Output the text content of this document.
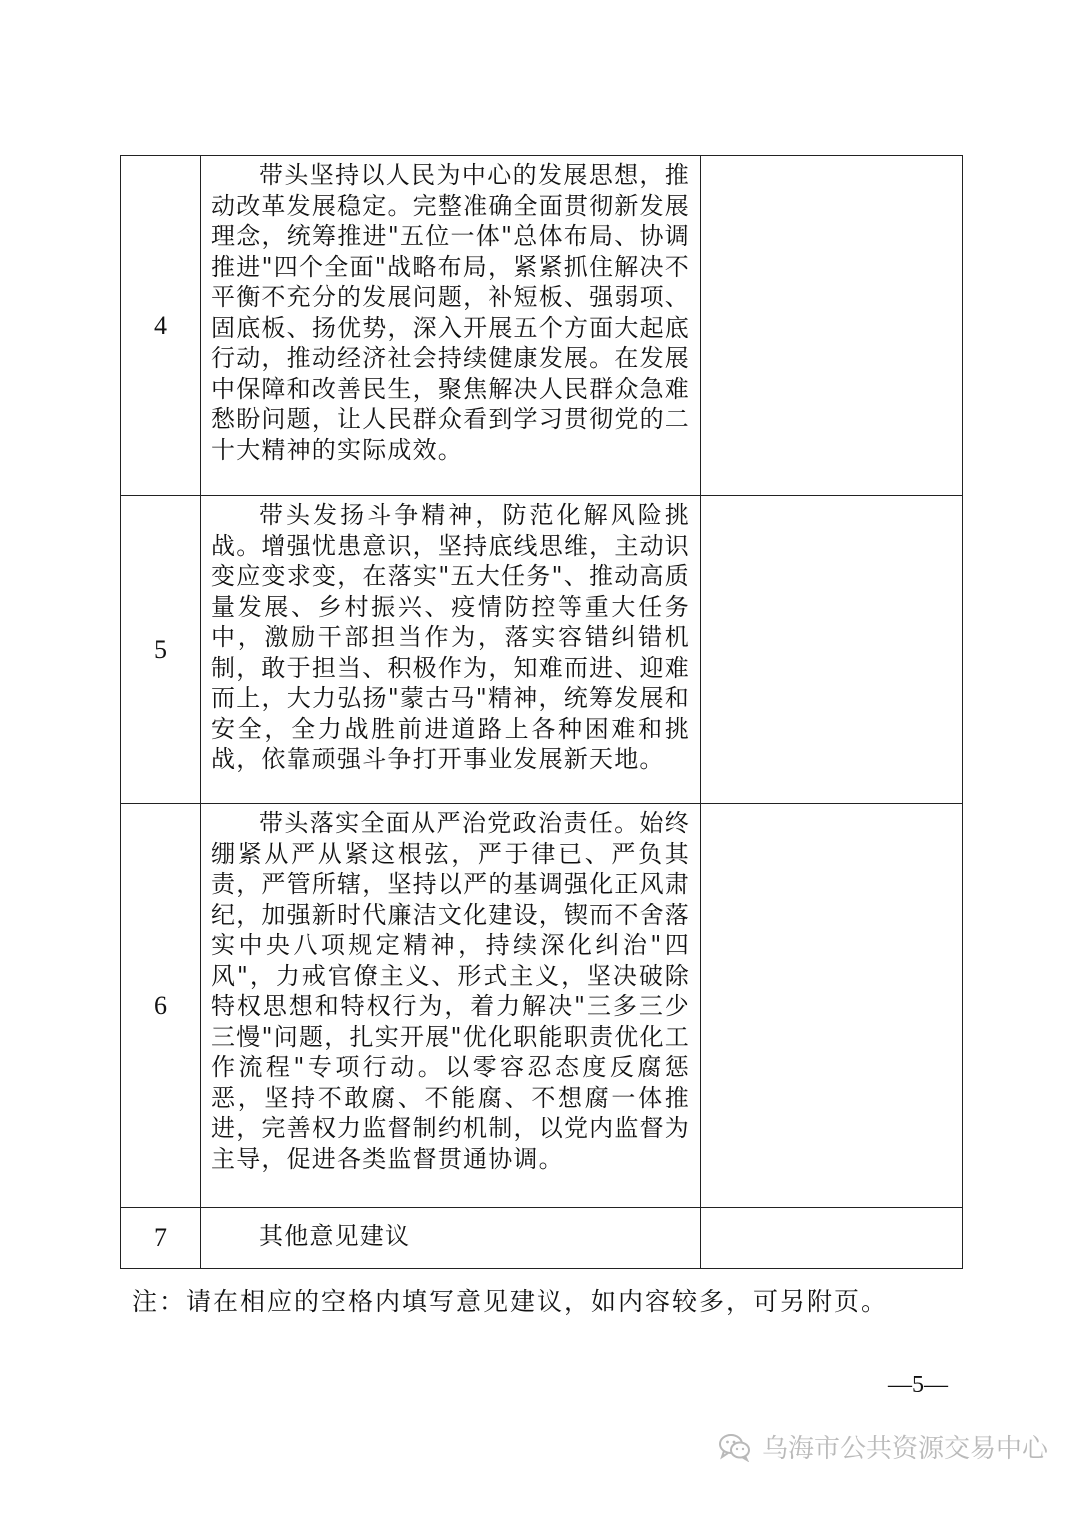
4	带头坚持以人民为中心的发展思想，推动改革发展稳定。完整准确全面贯彻新发展理念，统筹推进"五位一体"总体布局、协调推进"四个全面"战略布局，紧紧抓住解决不平衡不充分的发展问题，补短板、强弱项、固底板、扬优势，深入开展五个方面大起底行动，推动经济社会持续健康发展。在发展中保障和改善民生，聚焦解决人民群众急难愁盼问题，让人民群众看到学习贯彻党的二十大精神的实际成效。	

5	带头发扬斗争精神，防范化解风险挑战。增强忧患意识，坚持底线思维，主动识变应变求变，在落实"五大任务"、推动高质量发展、乡村振兴、疫情防控等重大任务中，激励干部担当作为，落实容错纠错机制，敢于担当、积极作为，知难而进、迎难而上，大力弘扬"蒙古马"精神，统筹发展和安全，全力战胜前进道路上各种困难和挑战，依靠顽强斗争打开事业发展新天地。	

6	带头落实全面从严治党政治责任。始终绷紧从严从紧这根弦，严于律已、严负其责，严管所辖，坚持以严的基调强化正风肃纪，加强新时代廉洁文化建设，锲而不舍落实中央八项规定精神，持续深化纠治"四风"，力戒官僚主义、形式主义，坚决破除特权思想和特权行为，着力解决"三多三少三慢"问题，扎实开展"优化职能职责优化工作流程"专项行动。以零容忍态度反腐惩恶，坚持不敢腐、不能腐、不想腐一体推进，完善权力监督制约机制，以党内监督为主导，促进各类监督贯通协调。	

7	其他意见建议	

注：请在相应的空格内填写意见建议，如内容较多，可另附页。
—5—
乌海市公共资源交易中心
